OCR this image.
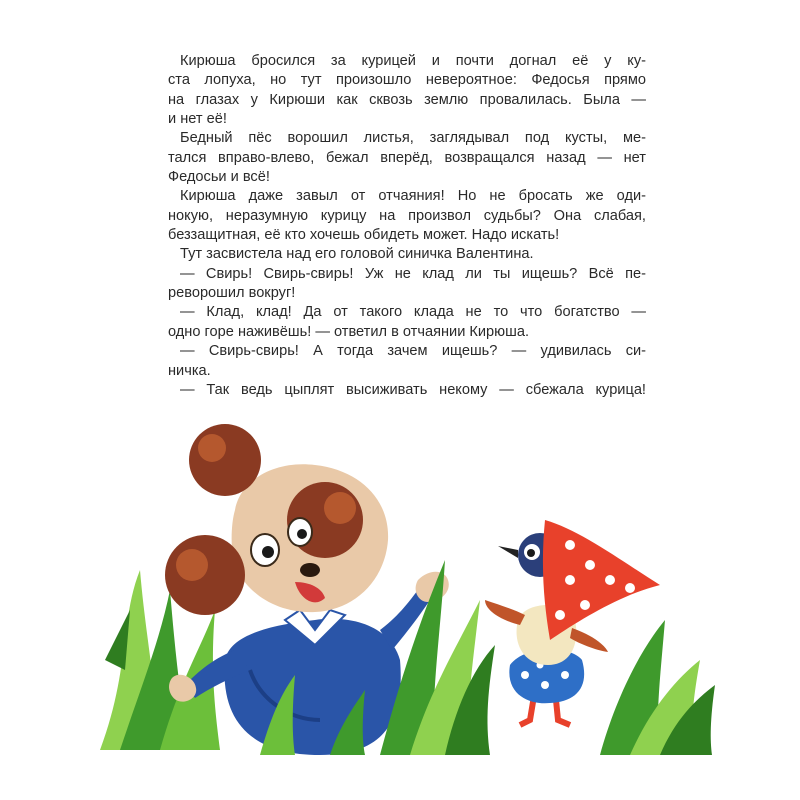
Кирюша бросился за курицей и почти догнал её у ку-
ста лопуха, но тут произошло невероятное: Федосья прямо
на глазах у Кирюши как сквозь землю провалилась. Была —
и нет её!
Бедный пёс ворошил листья, заглядывал под кусты, ме-
тался вправо-влево, бежал вперёд, возвращался назад — нет
Федосьи и всё!
Кирюша даже завыл от отчаяния! Но не бросать же оди-
нокую, неразумную курицу на произвол судьбы? Она слабая,
беззащитная, её кто хочешь обидеть может. Надо искать!
Тут засвистела над его головой синичка Валентина.
— Свирь! Свирь-свирь! Уж не клад ли ты ищешь? Всё пе-
реворошил вокруг!
— Клад, клад! Да от такого клада не то что богатство —
одно горе наживёшь! — ответил в отчаянии Кирюша.
— Свирь-свирь! А тогда зачем ищешь? — удивилась си-
ничка.
— Так ведь цыплят высиживать некому — сбежала курица!
